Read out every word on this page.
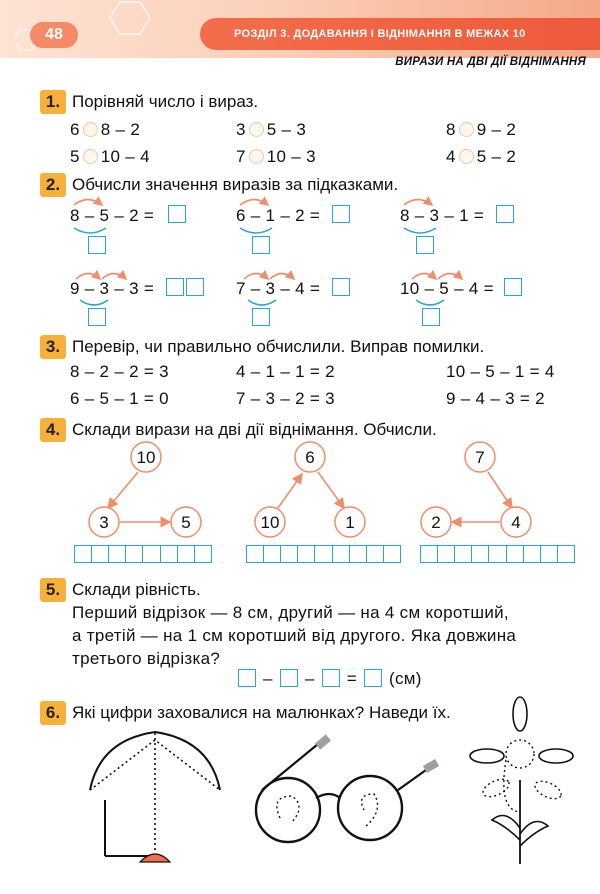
48	РОЗДІЛ 3. ДОДАВАННЯ І ВІДНІМАННЯ В МЕЖАХ 10
ВИРАЗИ НА ДВІ ДІЇ ВІДНІМАННЯ
1. Порівняй число і вираз.
6 8 – 2	3 5 – 3	8 9 – 2
5 10 – 4	7 10 – 3	4 5 – 2
2. Обчисли значення виразів за підказками.
8 – 5 – 2 =	6 – 1 – 2 =	8 – 3 – 1 =
9 – 3 – 3 =	7 – 3 – 4 =	10 – 5 – 4 =
3. Перевір, чи правильно обчислили. Виправ помилки.
8 – 2 – 2 = 3	4 – 1 – 1 = 2	10 – 5 – 1 = 4
6 – 5 – 1 = 0	7 – 3 – 2 = 3	9 – 4 – 3 = 2
4. Склади вирази на дві дії віднімання. Обчисли.
10
3	5
6
10	1
7
2	4
5. Склади рівність.
Перший відрізок — 8 см, другий — на 4 см коротший,
а третій — на 1 см коротший від другого. Яка довжина
третього відрізка?
– – = (см)
6. Які цифри заховалися на малюнках? Наведи їх.
